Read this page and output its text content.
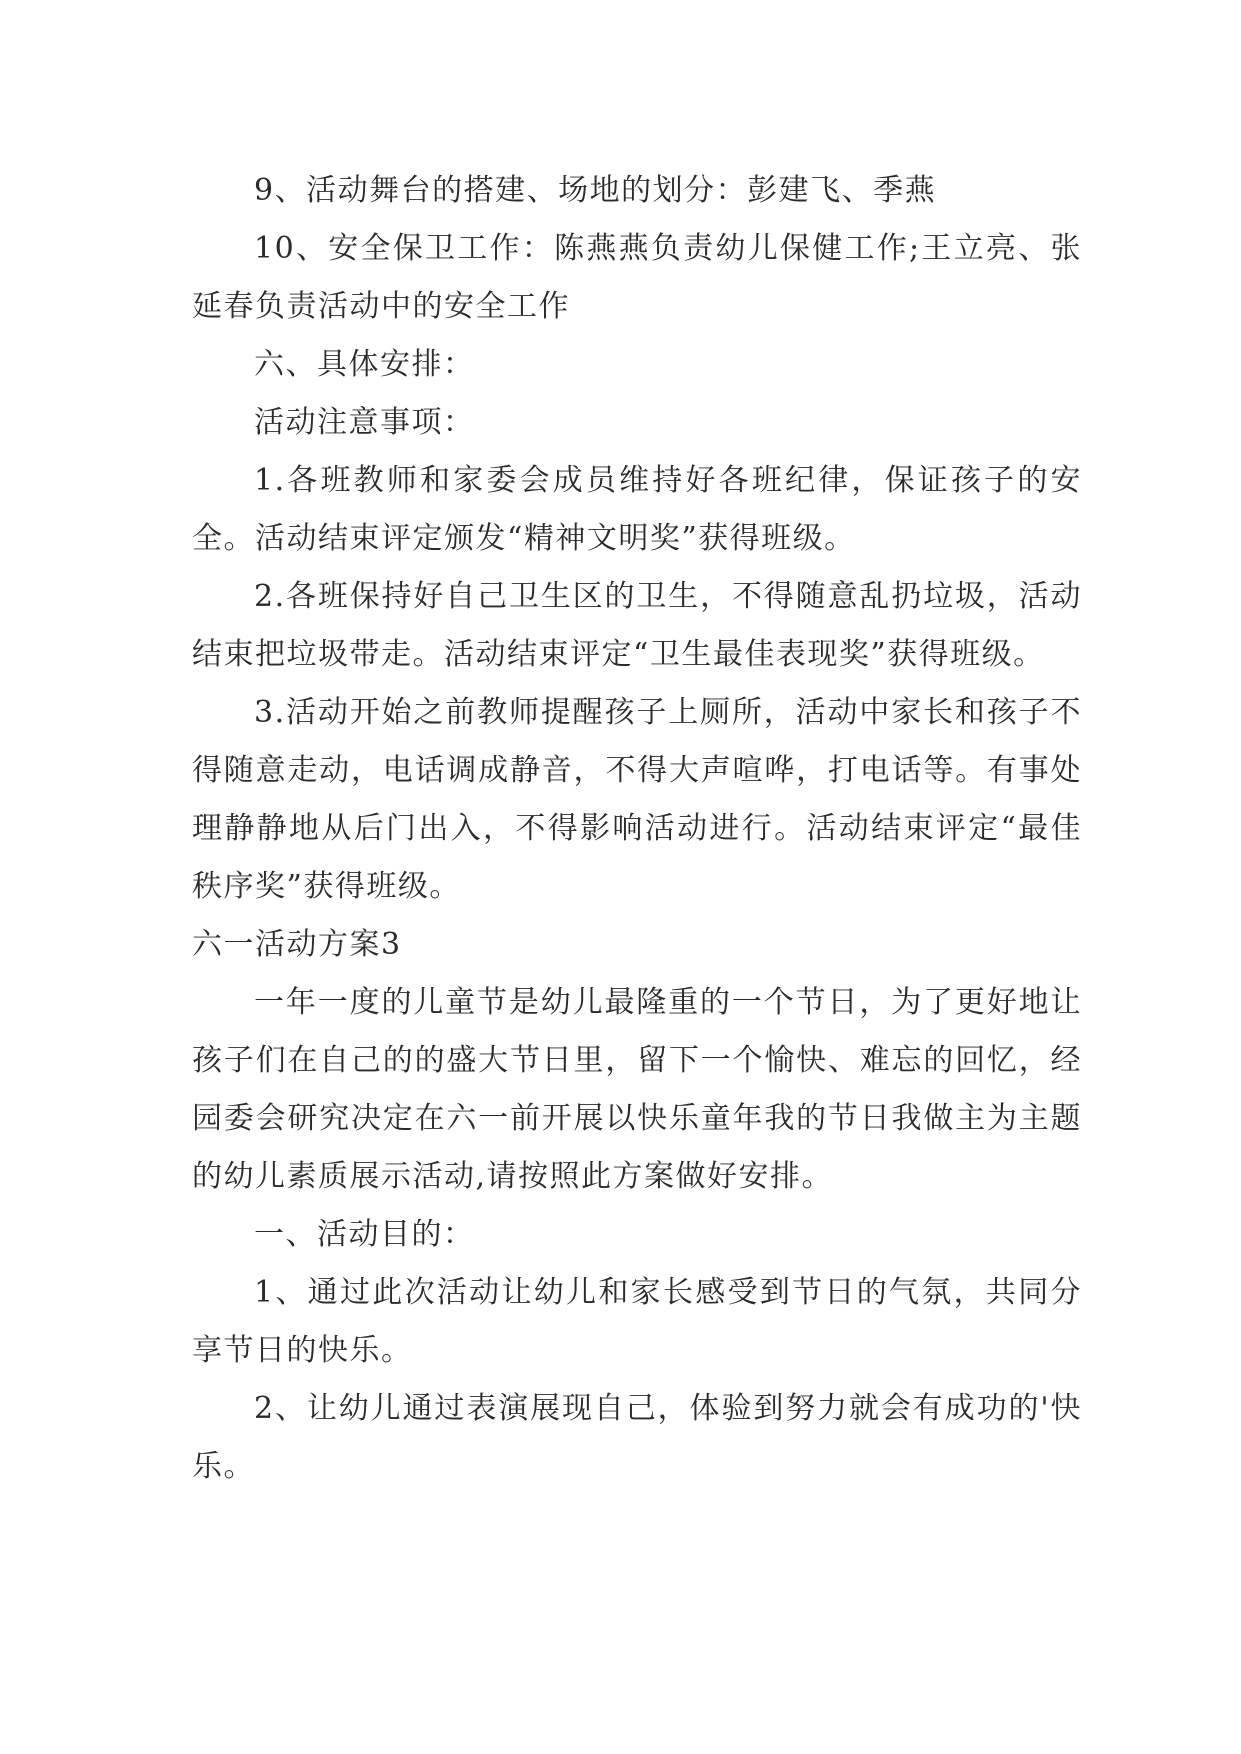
9、活动舞台的搭建、场地的划分：彭建飞、季燕

10、安全保卫工作：陈燕燕负责幼儿保健工作;王立亮、张延春负责活动中的安全工作

六、具体安排：

活动注意事项：

1.各班教师和家委会成员维持好各班纪律，保证孩子的安全。活动结束评定颁发“精神文明奖”获得班级。

2.各班保持好自己卫生区的卫生，不得随意乱扔垃圾，活动结束把垃圾带走。活动结束评定“卫生最佳表现奖”获得班级。

3.活动开始之前教师提醒孩子上厕所，活动中家长和孩子不得随意走动，电话调成静音，不得大声喧哗，打电话等。有事处理静静地从后门出入，不得影响活动进行。活动结束评定“最佳秩序奖”获得班级。

六一活动方案3

一年一度的儿童节是幼儿最隆重的一个节日，为了更好地让孩子们在自己的的盛大节日里，留下一个愉快、难忘的回忆，经园委会研究决定在六一前开展以快乐童年我的节日我做主为主题的幼儿素质展示活动,请按照此方案做好安排。

一、活动目的：

1、通过此次活动让幼儿和家长感受到节日的气氛，共同分享节日的快乐。

2、让幼儿通过表演展现自己，体验到努力就会有成功的'快乐。
